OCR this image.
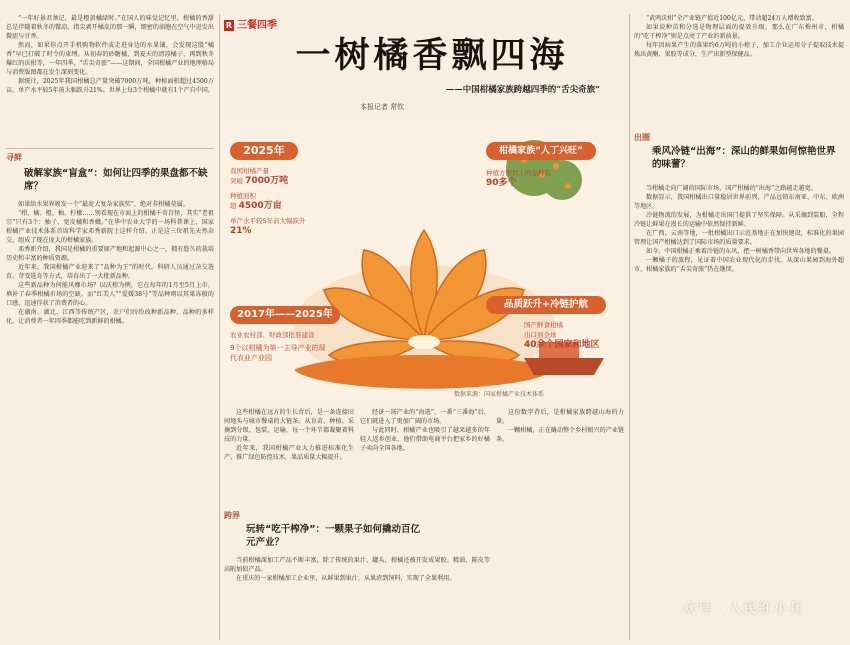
R 三餐四季
一树橘香飘四海
——中国柑橘家族跨越四季的“舌尖奇旅”
本报记者 常钦

“一年好景君须记，最是橙黄橘绿时。”在国人的味觉记忆里，柑橘的香甜总是伴随着秋冬的微凉。指尖剥开橘皮的那一瞬，细密的油胞在空气中迸发出微涩与甘香。

然而，如果你点开手机购物软件或走进身边的水果铺，会发现这股“橘香”早已打破了时令的束缚。从初春的砂糖橘，到夏天的清凉橘子，再到秋冬爆红的沃柑等，一年四季，“舌尖奇旅”——这期间，全国柑橘产业的地理格局与消费版图都在发生深刻变化。

据统计，2025年我国柑橘总产量突破7000万吨，种植面积超过4500万亩，单产水平较5年前大幅跃升21%。世界上每3个柑橘中就有1个产自中国。

寻鲜
破解家族“盲盒”：如何让四季的果盘都不缺席？

如果给水果界颁发一个“最庞大复杂家族奖”，绝对非柑橘莫属。

“柑、橘、橙、柚、柠檬……别看现在市面上的柑橘千奇百怪，其实“老祖宗”只有3个：柚子、宽皮橘和香橼。”在华中农业大学的一场科普课上，国家柑橘产业技术体系首席科学家邓秀新院士这样介绍。正是这三位祖先天然杂交，组成了现在庞大的柑橘家族。

邓秀新介绍，我国是柑橘的重要原产地和起源中心之一，拥有悠久的栽培历史和丰富的种质资源。

近年来，我国柑橘产业迎来了“品种为王”的时代。科研人员通过杂交选育、芽变选育等方式，培育出了一大批新品种。

这些新品种为何能风靡市场？以沃柑为例，它在每年的1月至5月上市，填补了春季柑橘市场的空缺。而“红美人”“爱媛38号”等品种则以其果冻般的口感，迅速俘获了消费者的心。

在湖南、湖北、江西等传统产区，农户们纷纷改种新品种。品种的多样化，让消费者一年四季都能吃到新鲜的柑橘。

2025年
我国柑橘产量
突破 7000万吨
种植面积
超 4500万亩
单产水平较5年前大幅跃升
21%
柑橘家族“人丁兴旺”
种植方面以上的品种有
90多个
2017年——2025年
农业农村部、财政部批准建设
9个以柑橘为第一主导产业的现代农业产业园
品质跃升+冷链护航
国产鲜食柑橘
出口到全球
40余个国家和地区
数据来源：国家柑橘产业技术体系

这些柑橘在远方的生长背后，是一条连接田间地头与城市餐桌的大链条。从育苗、种植、采摘到分级、包装、运输，每一个环节都凝聚着科技的力量。

近年来，我国柑橘产业大力推进标准化生产，推广绿色防控技术，果品质量大幅提升。

经济一场产业的“海选”，一番“三番海”后，它们就进入了更加广阔的市场。

与此同时，柑橘产业也吸引了越来越多的年轻人返乡创业，他们借助电商平台把家乡的好橘子卖向全国各地。

这份数字背后，是柑橘家族跨越山海的力量。

一颗柑橘，正在撬动整个乡村振兴的产业链条。

跨界
玩转“吃干榨净”：一颗果子如何撬动百亿元产业？

当前柑橘深加工产品不断丰富，除了传统的果汁、罐头，柑橘还被开发成果胶、精油、陈皮等高附加值产品。

在重庆的一家柑橘加工企业里，从鲜果到果汁，从果渣到饲料，实现了全果利用。

“武鸣沃柑”全产业链产值近100亿元，带动超24万人增收致富。

如果说种苗和分选是物理层面的提效升级，那么在广东梅州市，柑橘的“吃干榨净”则是点亮了产业的新前景。

每年因病果产生的落果约6万吨的小柑子，加工企业运用分子提取技术提炼出黄酮、果胶等成分，生产出新型保健品。

出圈
乘风冷链“出海”：深山的鲜果如何惊艳世界的味蕾？

当柑橘走向广阔的国际市场，国产柑橘的“出海”之路越走越宽。

数据显示，我国柑橘出口量稳居世界前列，产品远销东南亚、中东、欧洲等地区。

冷链物流的发展，为柑橘走出国门提供了坚实保障。从采摘到装船，全程冷链让鲜果在漫长的运输中依然保持新鲜。

在广西、云南等地，一批柑橘出口示范基地正在加快建设，标准化的果园管理让国产柑橘达到了国际市场的质量要求。

如今，中国柑橘正乘着冷链的东风，把一树橘香带向世界各地的餐桌。

一颗橘子的旅程，见证着中国农业现代化的步伐。从深山果园到海外超市，柑橘家族的“舌尖奇旅”仍在继续。

众号 · 人民红小兵
